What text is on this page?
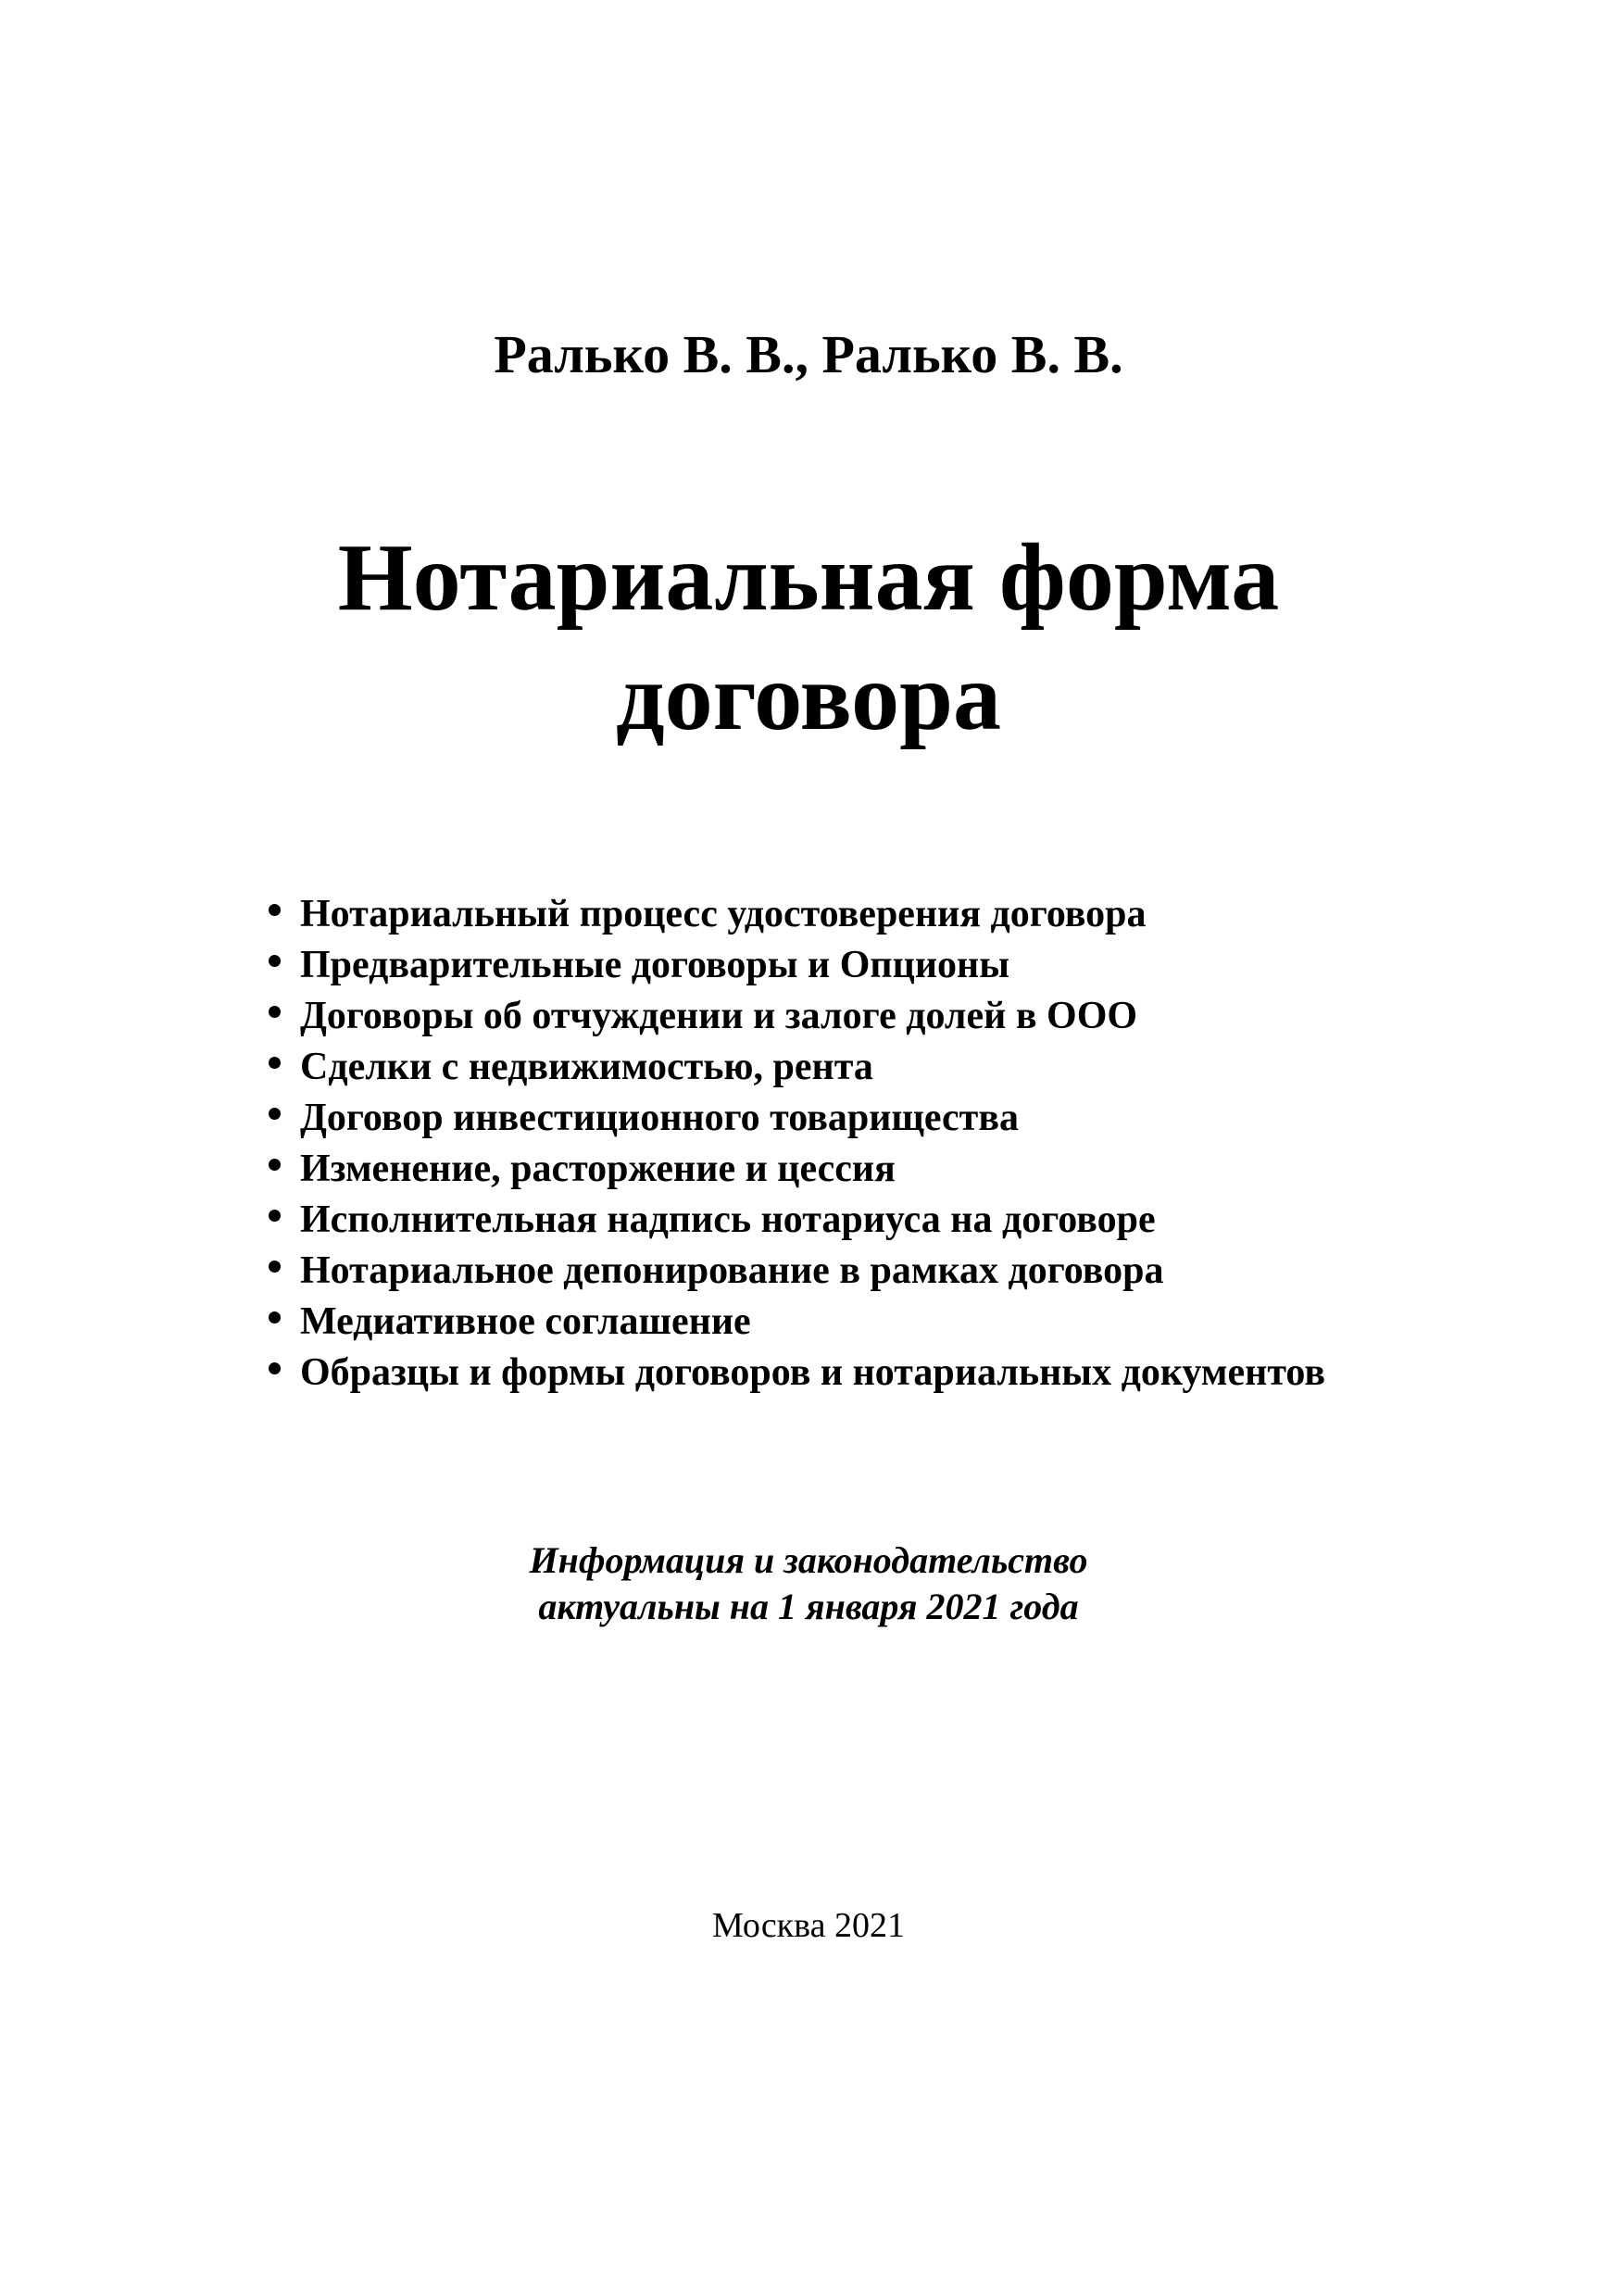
Ралько В. В., Ралько В. В.
Нотариальная форма
договора
Нотариальный процесс удостоверения договора
Предварительные договоры и Опционы
Договоры об отчуждении и залоге долей в ООО
Сделки с недвижимостью, рента
Договор инвестиционного товарищества
Изменение, расторжение и цессия
Исполнительная надпись нотариуса на договоре
Нотариальное депонирование в рамках договора
Медиативное соглашение
Образцы и формы договоров и нотариальных документов
Информация и законодательство
актуальны на 1 января 2021 года
Москва 2021
